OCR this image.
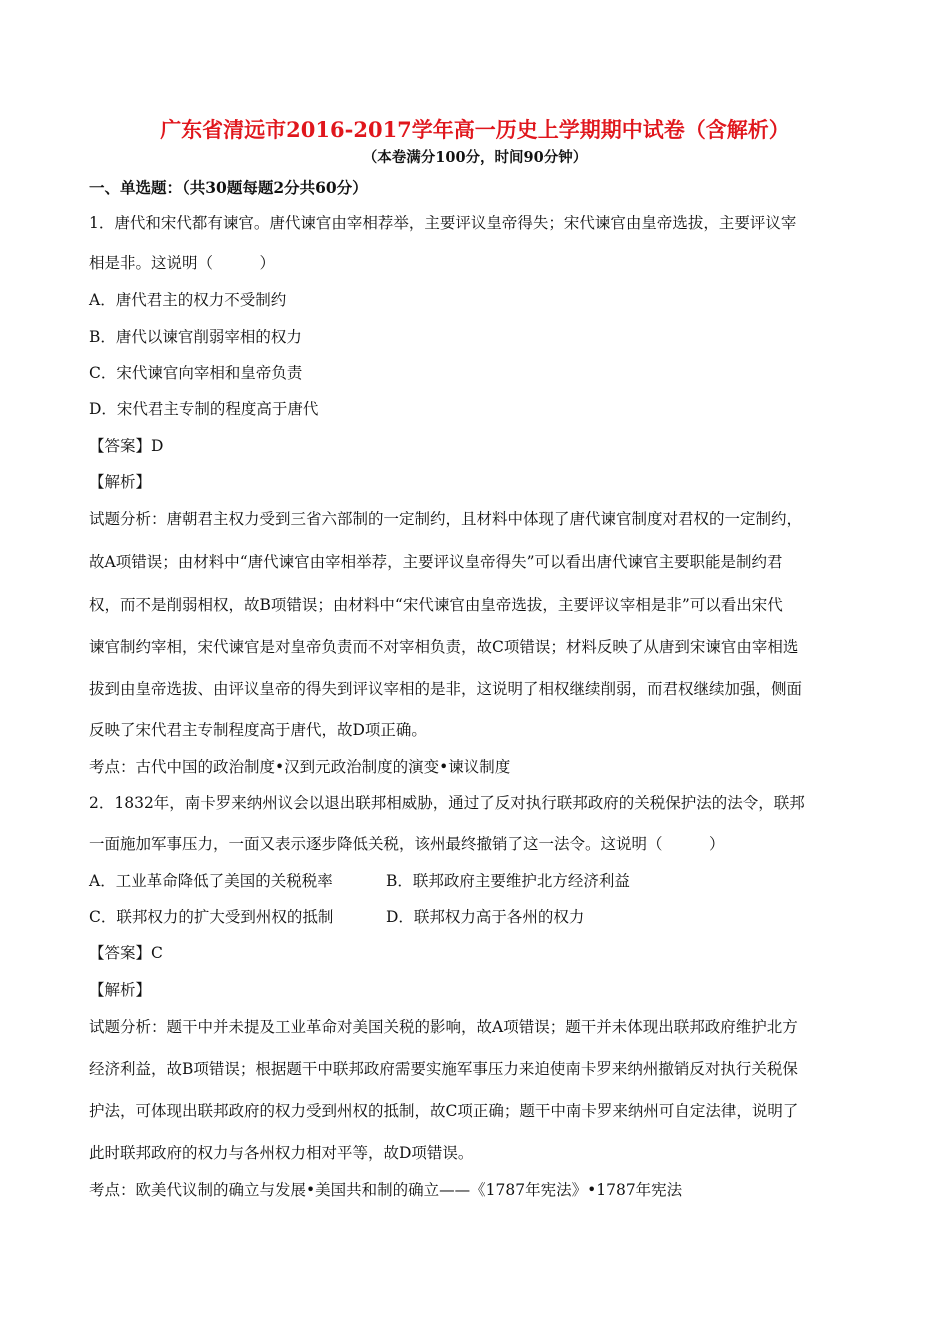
广东省清远市2016-2017学年高一历史上学期期中试卷（含解析）
（本卷满分100分，时间90分钟）
一、单选题：（共30题每题2分共60分）
1．唐代和宋代都有谏官。唐代谏官由宰相荐举，主要评议皇帝得失；宋代谏官由皇帝选拔，主要评议宰
相是非。这说明（　　　）
A．唐代君主的权力不受制约
B．唐代以谏官削弱宰相的权力
C．宋代谏官向宰相和皇帝负责
D．宋代君主专制的程度高于唐代
【答案】D
【解析】
试题分析：唐朝君主权力受到三省六部制的一定制约，且材料中体现了唐代谏官制度对君权的一定制约，
故A项错误；由材料中“唐代谏官由宰相举荐，主要评议皇帝得失”可以看出唐代谏官主要职能是制约君
权，而不是削弱相权，故B项错误；由材料中“宋代谏官由皇帝选拔，主要评议宰相是非”可以看出宋代
谏官制约宰相，宋代谏官是对皇帝负责而不对宰相负责，故C项错误；材料反映了从唐到宋谏官由宰相选
拔到由皇帝选拔、由评议皇帝的得失到评议宰相的是非，这说明了相权继续削弱，而君权继续加强，侧面
反映了宋代君主专制程度高于唐代，故D项正确。
考点：古代中国的政治制度•汉到元政治制度的演变•谏议制度
2．1832年，南卡罗来纳州议会以退出联邦相威胁，通过了反对执行联邦政府的关税保护法的法令，联邦
一面施加军事压力，一面又表示逐步降低关税，该州最终撤销了这一法令。这说明（　　　）
A．工业革命降低了美国的关税税率	B．联邦政府主要维护北方经济利益
C．联邦权力的扩大受到州权的抵制	D．联邦权力高于各州的权力
【答案】C
【解析】
试题分析：题干中并未提及工业革命对美国关税的影响，故A项错误；题干并未体现出联邦政府维护北方
经济利益，故B项错误；根据题干中联邦政府需要实施军事压力来迫使南卡罗来纳州撤销反对执行关税保
护法，可体现出联邦政府的权力受到州权的抵制，故C项正确；题干中南卡罗来纳州可自定法律，说明了
此时联邦政府的权力与各州权力相对平等，故D项错误。
考点：欧美代议制的确立与发展•美国共和制的确立——《1787年宪法》•1787年宪法
